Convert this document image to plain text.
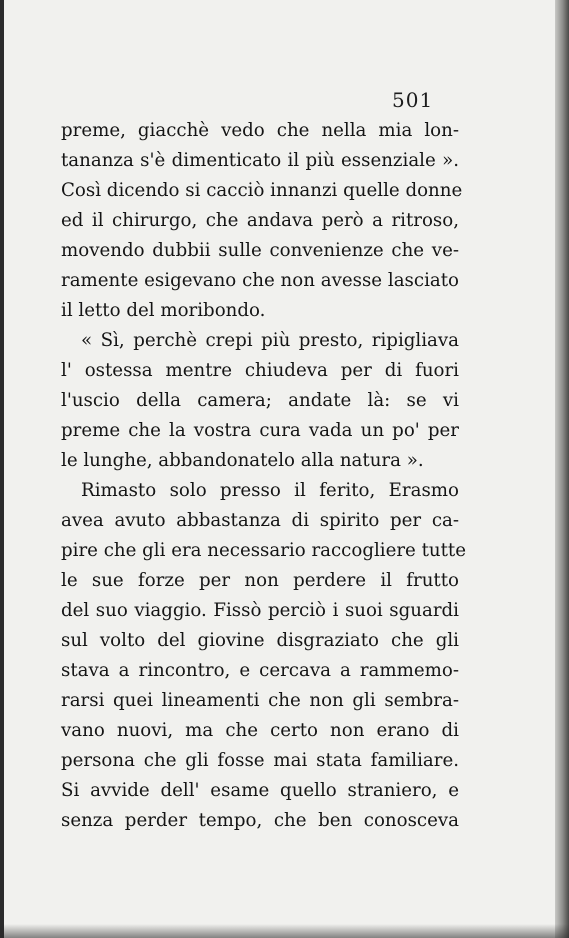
501
preme, giacchè vedo che nella mia lon-
tananza s'è dimenticato il più essenziale ».
Così dicendo si cacciò innanzi quelle donne
ed il chirurgo, che andava però a ritroso,
movendo dubbii sulle convenienze che ve-
ramente esigevano che non avesse lasciato
il letto del moribondo.
« Sì, perchè crepi più presto, ripigliava
l' ostessa mentre chiudeva per di fuori
l'uscio della camera; andate là: se vi
preme che la vostra cura vada un po' per
le lunghe, abbandonatelo alla natura ».
Rimasto solo presso il ferito, Erasmo
avea avuto abbastanza di spirito per ca-
pire che gli era necessario raccogliere tutte
le sue forze per non perdere il frutto
del suo viaggio. Fissò perciò i suoi sguardi
sul volto del giovine disgraziato che gli
stava a rincontro, e cercava a rammemo-
rarsi quei lineamenti che non gli sembra-
vano nuovi, ma che certo non erano di
persona che gli fosse mai stata familiare.
Si avvide dell' esame quello straniero, e
senza perder tempo, che ben conosceva
